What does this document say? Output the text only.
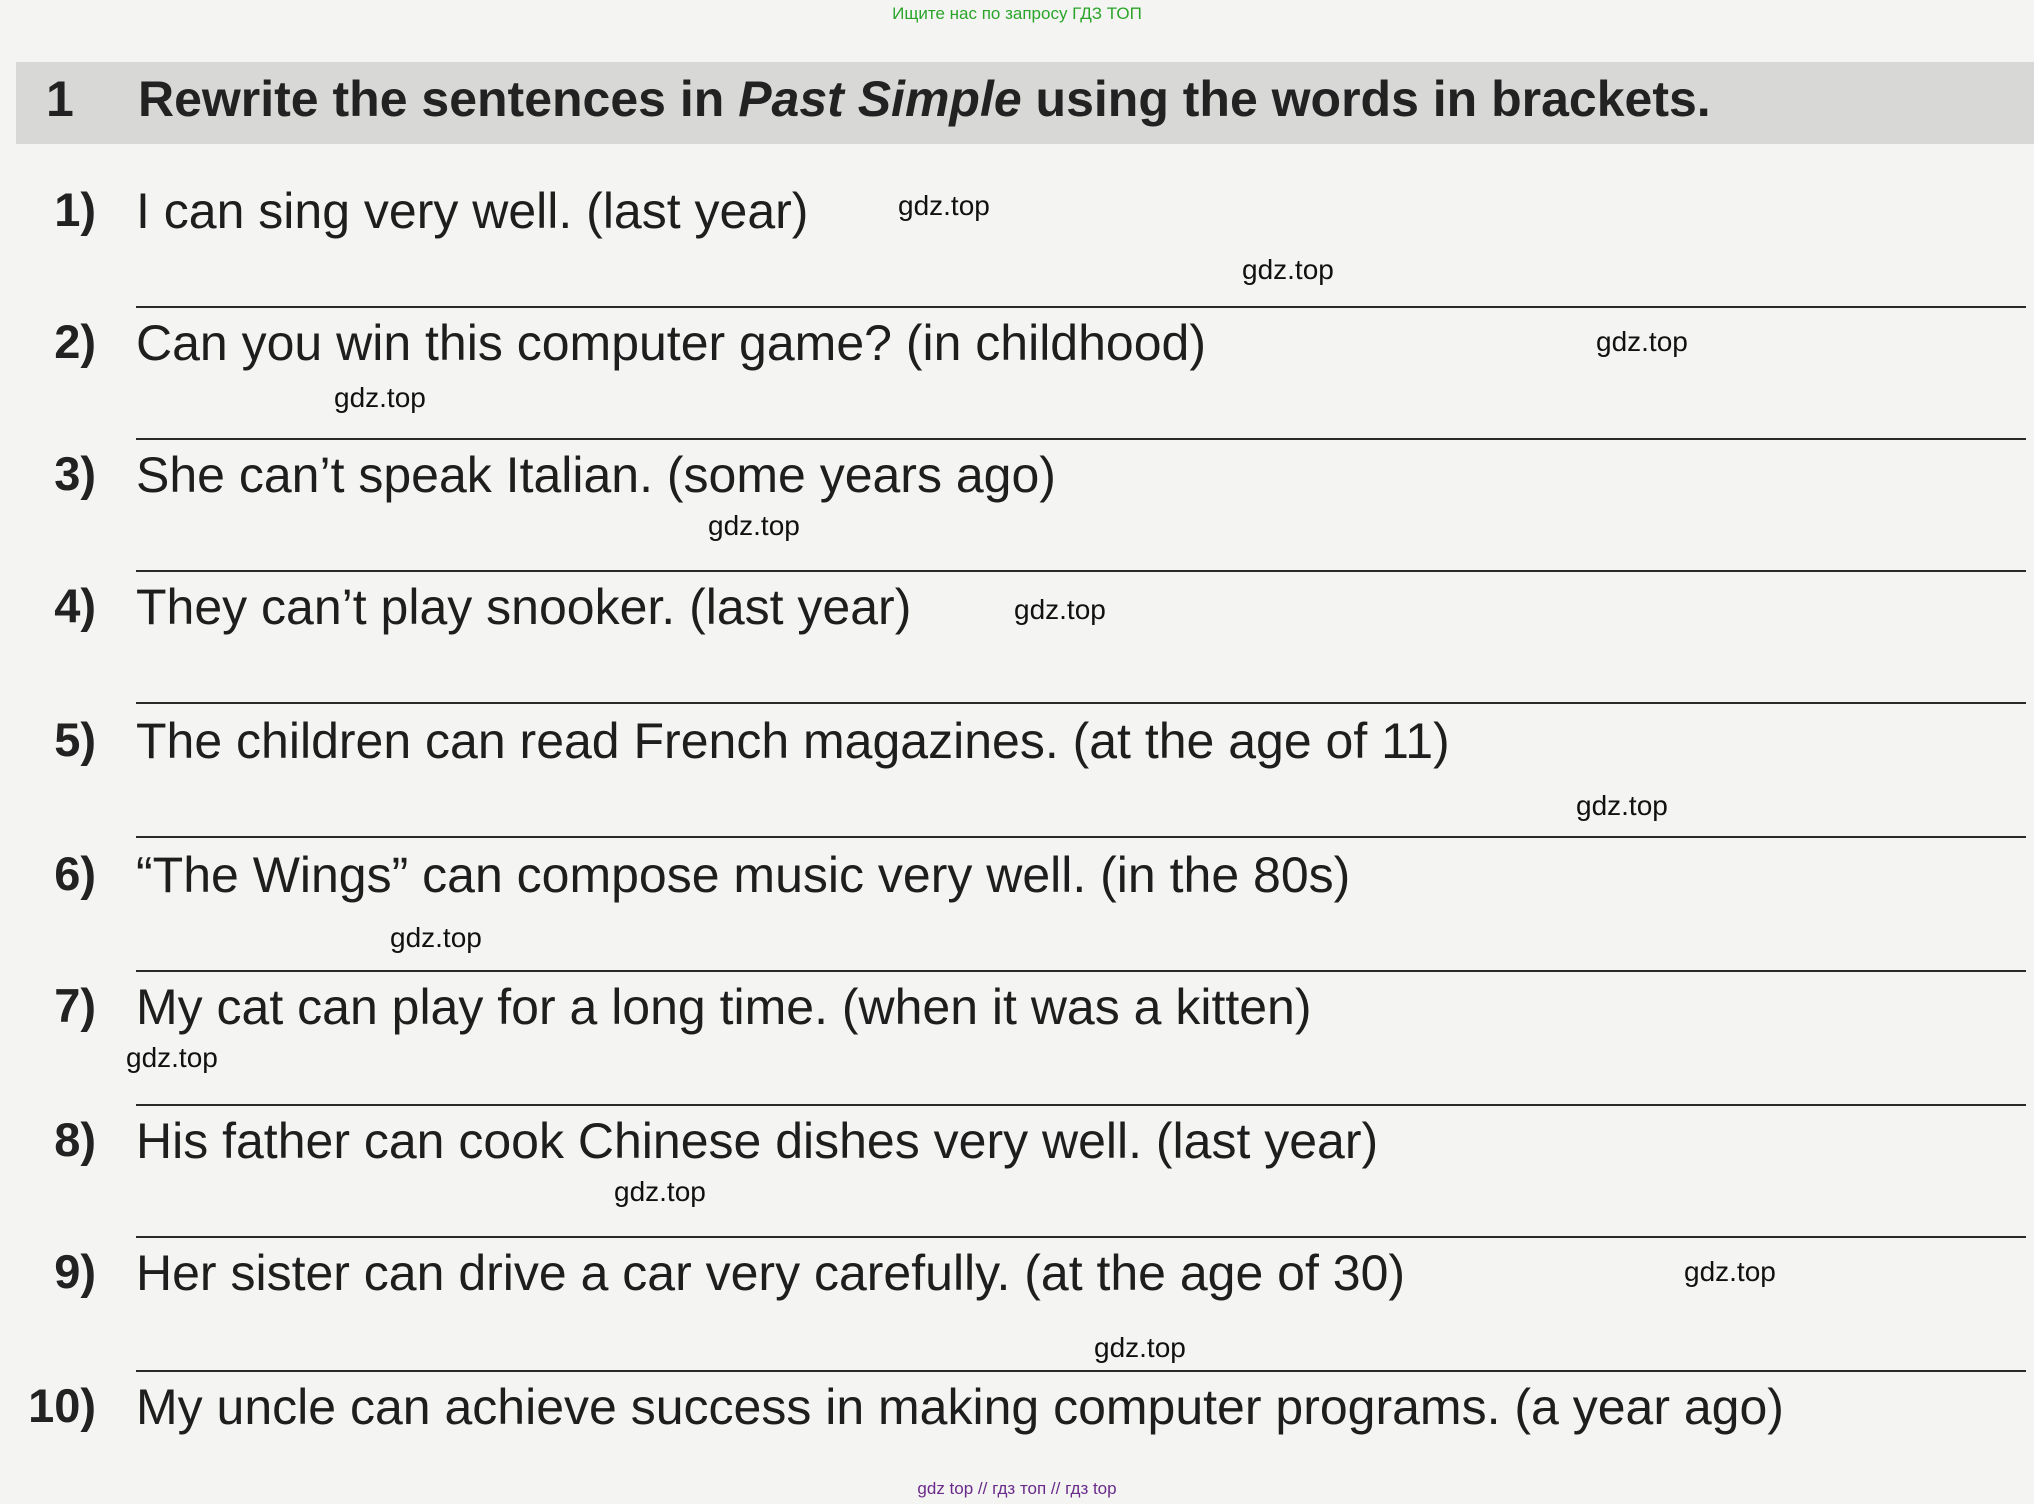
Ищите нас по запросу ГДЗ ТОП
1 Rewrite the sentences in Past Simple using the words in brackets.
1) I can sing very well. (last year)
2) Can you win this computer game? (in childhood)
3) She can’t speak Italian. (some years ago)
4) They can’t play snooker. (last year)
5) The children can read French magazines. (at the age of 11)
6) “The Wings” can compose music very well. (in the 80s)
7) My cat can play for a long time. (when it was a kitten)
8) His father can cook Chinese dishes very well. (last year)
9) Her sister can drive a car very carefully. (at the age of 30)
10) My uncle can achieve success in making computer programs. (a year ago)
gdz.top
gdz.top
gdz.top
gdz.top
gdz.top
gdz.top
gdz.top
gdz.top
gdz.top
gdz.top
gdz.top
gdz.top
gdz top // гдз топ // гдз top
